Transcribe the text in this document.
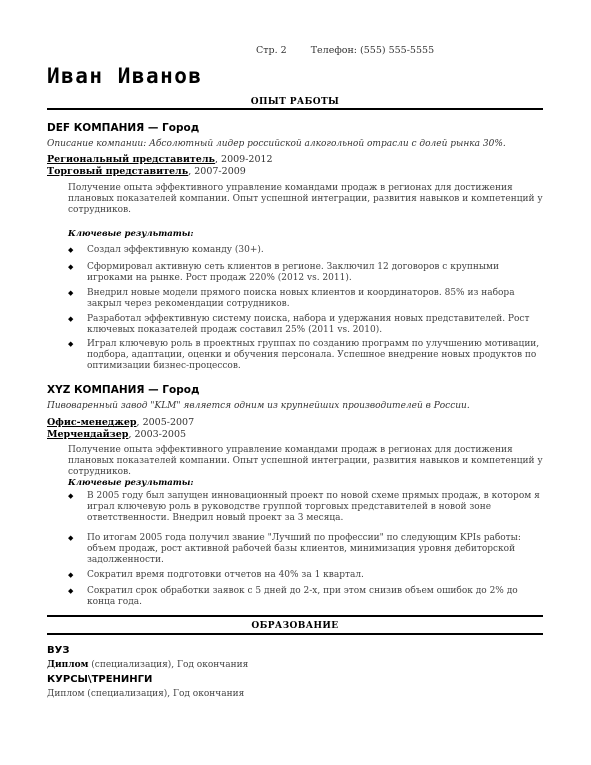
Стр. 2	Телефон: (555) 555-5555
Иван Иванов
ОПЫТ РАБОТЫ
DEF КОМПАНИЯ — Город
Описание компании: Абсолютный лидер российской алкогольной отрасли с долей рынка 30%.
Региональный представитель, 2009-2012
Торговый представитель, 2007-2009
Получение опыта эффективного управление командами продаж в регионах для достижения плановых показателей компании. Опыт успешной интеграции, развития навыков и компетенций у сотрудников.
Ключевые результаты:
◆	Создал эффективную команду (30+).
◆	Сформировал активную сеть клиентов в регионе. Заключил 12 договоров с крупными игроками на рынке. Рост продаж 220% (2012 vs. 2011).
◆	Внедрил новые модели прямого поиска новых клиентов и координаторов. 85% из набора закрыл через рекомендации сотрудников.
◆	Разработал эффективную систему поиска, набора и удержания новых представителей. Рост ключевых показателей продаж составил 25% (2011 vs. 2010).
◆	Играл ключевую роль в проектных группах по созданию программ по улучшению мотивации, подбора, адаптации, оценки и обучения персонала. Успешное внедрение новых продуктов по оптимизации бизнес-процессов.
XYZ КОМПАНИЯ — Город
Пивоваренный завод "KLM" является одним из крупнейших производителей в России.
Офис-менеджер, 2005-2007
Мерчендайзер, 2003-2005
Получение опыта эффективного управление командами продаж в регионах для достижения плановых показателей компании. Опыт успешной интеграции, развития навыков и компетенций у сотрудников.
Ключевые результаты:
◆	В 2005 году был запущен инновационный проект по новой схеме прямых продаж, в котором я играл ключевую роль в руководстве группой торговых представителей в новой зоне ответственности. Внедрил новый проект за 3 месяца.
◆	По итогам 2005 года получил звание "Лучший по профессии" по следующим KPIs работы: объем продаж, рост активной рабочей базы клиентов, минимизация уровня дебиторской задолженности.
◆	Сократил время подготовки отчетов на 40% за 1 квартал.
◆	Сократил срок обработки заявок с 5 дней до 2-х, при этом снизив объем ошибок до 2% до конца года.
ОБРАЗОВАНИЕ
ВУЗ
Диплом (специализация), Год окончания
КУРСЫ\ТРЕНИНГИ
Диплом (специализация), Год окончания
